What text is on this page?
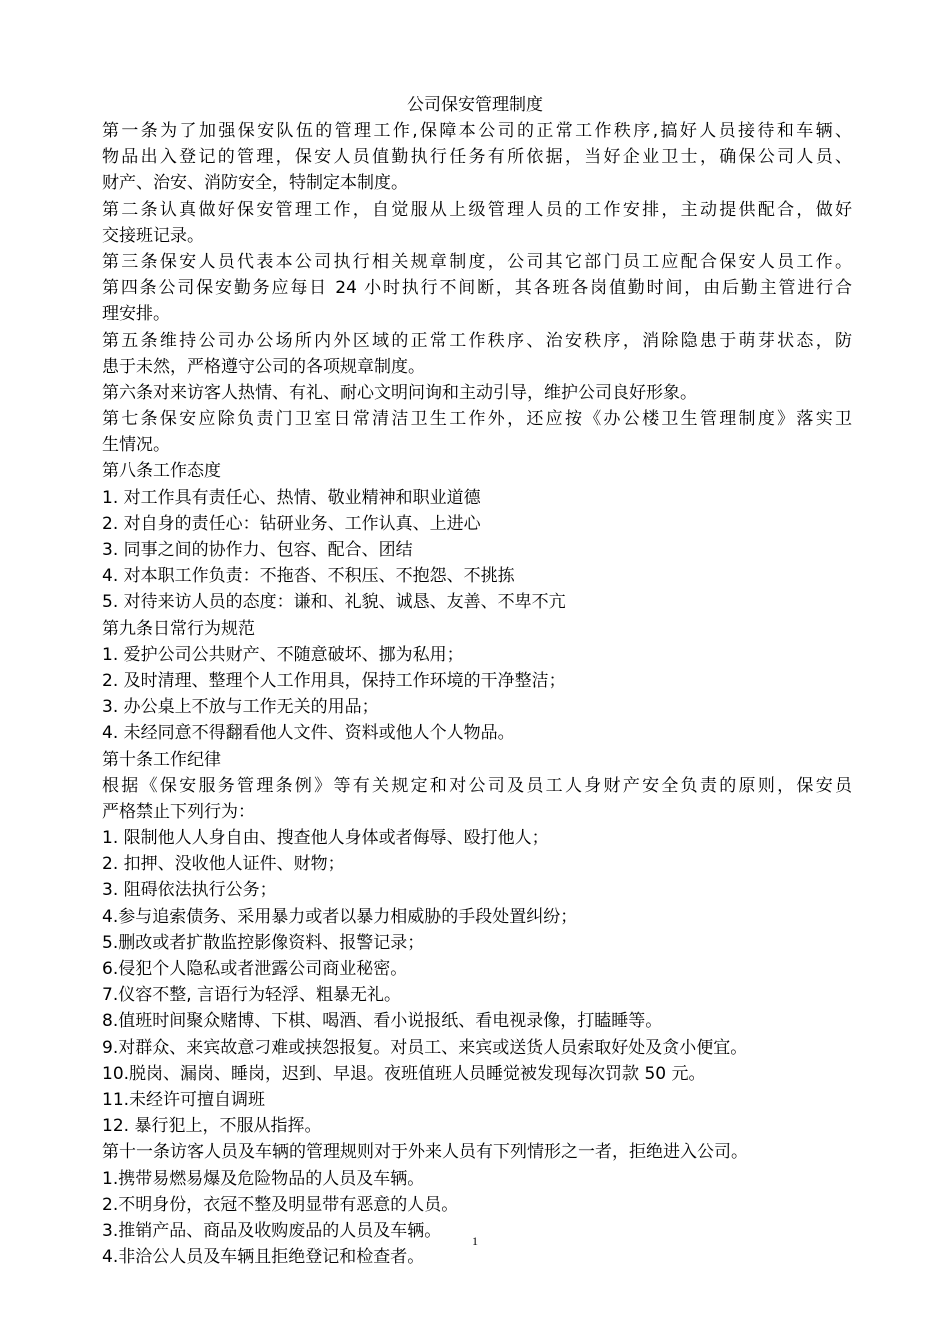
公司保安管理制度
第一条为了加强保安队伍的管理工作,保障本公司的正常工作秩序,搞好人员接待和车辆、
物品出入登记的管理，保安人员值勤执行任务有所依据，当好企业卫士，确保公司人员、
财产、治安、消防安全，特制定本制度。
第二条认真做好保安管理工作，自觉服从上级管理人员的工作安排，主动提供配合，做好
交接班记录。
第三条保安人员代表本公司执行相关规章制度，公司其它部门员工应配合保安人员工作。
第四条公司保安勤务应每日 24 小时执行不间断，其各班各岗值勤时间，由后勤主管进行合
理安排。
第五条维持公司办公场所内外区域的正常工作秩序、治安秩序，消除隐患于萌芽状态，防
患于未然，严格遵守公司的各项规章制度。
第六条对来访客人热情、有礼、耐心文明问询和主动引导，维护公司良好形象。
第七条保安应除负责门卫室日常清洁卫生工作外，还应按《办公楼卫生管理制度》落实卫
生情况。
第八条工作态度
1. 对工作具有责任心、热情、敬业精神和职业道德
2. 对自身的责任心：钻研业务、工作认真、上进心
3. 同事之间的协作力、包容、配合、团结
4. 对本职工作负责：不拖沓、不积压、不抱怨、不挑拣
5. 对待来访人员的态度：谦和、礼貌、诚恳、友善、不卑不亢
第九条日常行为规范
1. 爱护公司公共财产、不随意破坏、挪为私用；
2. 及时清理、整理个人工作用具，保持工作环境的干净整洁；
3. 办公桌上不放与工作无关的用品；
4. 未经同意不得翻看他人文件、资料或他人个人物品。
第十条工作纪律
根据《保安服务管理条例》等有关规定和对公司及员工人身财产安全负责的原则，保安员
严格禁止下列行为：
1. 限制他人人身自由、搜查他人身体或者侮辱、殴打他人；
2. 扣押、没收他人证件、财物；
3. 阻碍依法执行公务；
4.参与追索债务、采用暴力或者以暴力相威胁的手段处置纠纷；
5.删改或者扩散监控影像资料、报警记录；
6.侵犯个人隐私或者泄露公司商业秘密。
7.仪容不整, 言语行为轻浮、粗暴无礼。
8.值班时间聚众赌博、下棋、喝酒、看小说报纸、看电视录像，打瞌睡等。
9.对群众、来宾故意刁难或挟怨报复。对员工、来宾或送货人员索取好处及贪小便宜。
10.脱岗、漏岗、睡岗，迟到、早退。夜班值班人员睡觉被发现每次罚款 50 元。
11.未经许可擅自调班
12. 暴行犯上，不服从指挥。
第十一条访客人员及车辆的管理规则对于外来人员有下列情形之一者，拒绝进入公司。
1.携带易燃易爆及危险物品的人员及车辆。
2.不明身份，衣冠不整及明显带有恶意的人员。
3.推销产品、商品及收购废品的人员及车辆。
4.非洽公人员及车辆且拒绝登记和检查者。
1
